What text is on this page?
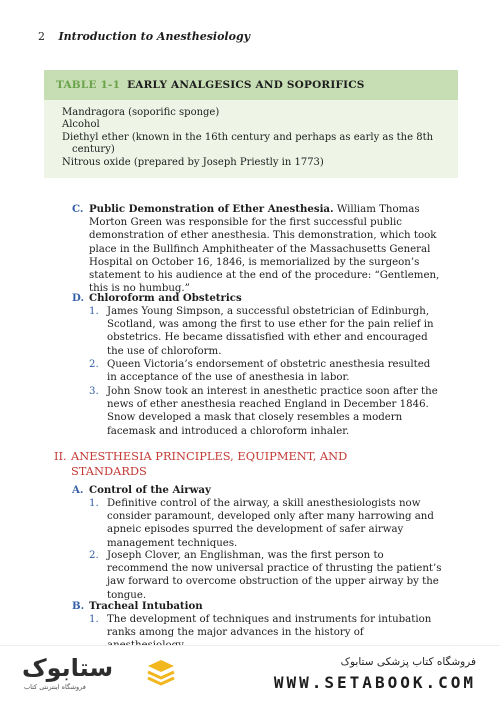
2 Introduction to Anesthesiology
TABLE 1-1 EARLY ANALGESICS AND SOPORIFICS
Mandragora (soporific sponge)
Alcohol
Diethyl ether (known in the 16th century and perhaps as early as the 8th century)
Nitrous oxide (prepared by Joseph Priestly in 1773)
C. Public Demonstration of Ether Anesthesia. William Thomas Morton Green was responsible for the first successful public demonstration of ether anesthesia. This demonstration, which took place in the Bullfinch Amphitheater of the Massachusetts General Hospital on October 16, 1846, is memorialized by the surgeon’s statement to his audience at the end of the procedure: “Gentlemen, this is no humbug.”
D. Chloroform and Obstetrics
1. James Young Simpson, a successful obstetrician of Edinburgh, Scotland, was among the first to use ether for the pain relief in obstetrics. He became dissatisfied with ether and encouraged the use of chloroform.
2. Queen Victoria’s endorsement of obstetric anesthesia resulted in acceptance of the use of anesthesia in labor.
3. John Snow took an interest in anesthetic practice soon after the news of ether anesthesia reached England in December 1846. Snow developed a mask that closely resembles a modern facemask and introduced a chloroform inhaler.
II. ANESTHESIA PRINCIPLES, EQUIPMENT, AND STANDARDS
A. Control of the Airway
1. Definitive control of the airway, a skill anesthesiologists now consider paramount, developed only after many harrowing and apneic episodes spurred the development of safer airway management techniques.
2. Joseph Clover, an Englishman, was the first person to recommend the now universal practice of thrusting the patient’s jaw forward to overcome obstruction of the upper airway by the tongue.
B. Tracheal Intubation
1. The development of techniques and instruments for intubation ranks among the major advances in the history of
ستابوک
فروشگاه اینترنتی کتاب
فروشگاه کتاب پزشکی ستابوک
WWW.SETABOOK.COM
